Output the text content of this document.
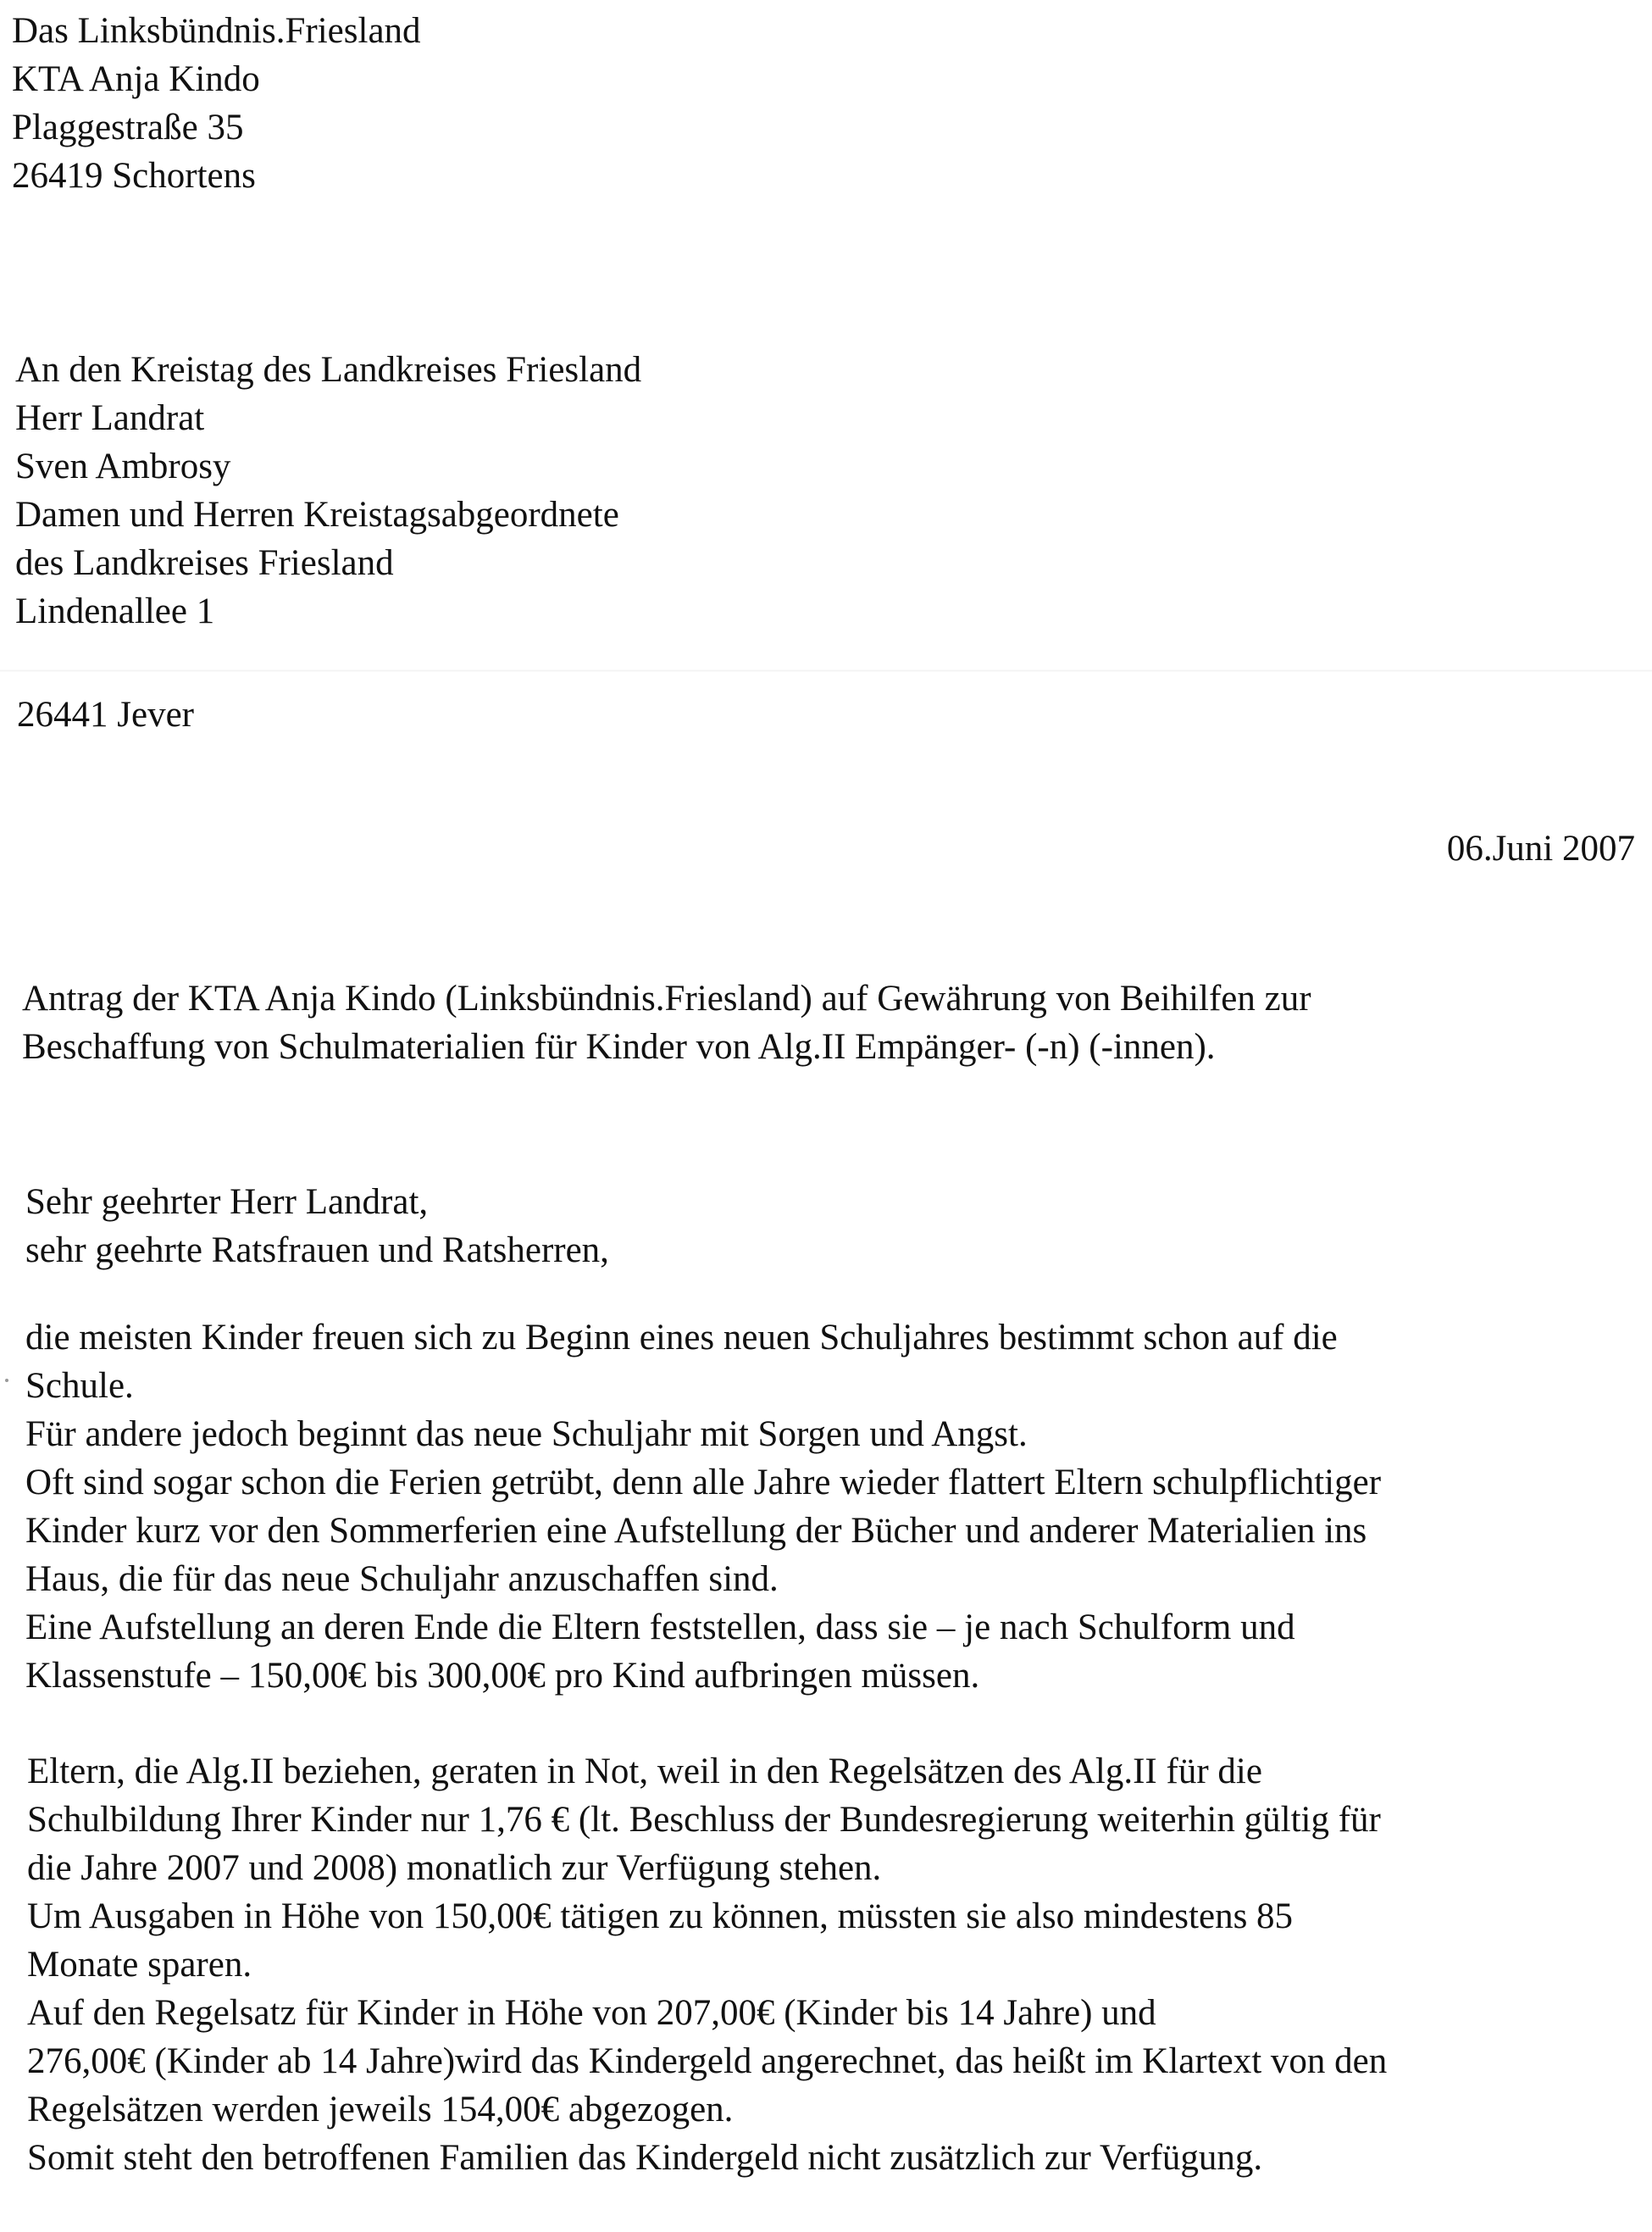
Das Linksbündnis.Friesland
KTA Anja Kindo
Plaggestraße 35
26419 Schortens
An den Kreistag des Landkreises Friesland
Herr Landrat
Sven Ambrosy
Damen und Herren Kreistagsabgeordnete
des Landkreises Friesland
Lindenallee 1
26441 Jever
06.Juni 2007
Antrag der KTA Anja Kindo (Linksbündnis.Friesland) auf Gewährung von Beihilfen zur
Beschaffung von Schulmaterialien für Kinder von Alg.II Empänger- (-n) (-innen).
Sehr geehrter Herr Landrat,
sehr geehrte Ratsfrauen und Ratsherren,
die meisten Kinder freuen sich zu Beginn eines neuen Schuljahres bestimmt schon auf die
Schule.
Für andere jedoch beginnt das neue Schuljahr mit Sorgen und Angst.
Oft sind sogar schon die Ferien getrübt, denn alle Jahre wieder flattert Eltern schulpflichtiger
Kinder kurz vor den Sommerferien eine Aufstellung der Bücher und anderer Materialien ins
Haus, die für das neue Schuljahr anzuschaffen sind.
Eine Aufstellung an deren Ende die Eltern feststellen, dass sie – je nach Schulform und
Klassenstufe – 150,00€ bis 300,00€ pro Kind aufbringen müssen.
Eltern, die Alg.II beziehen, geraten in Not, weil in den Regelsätzen des Alg.II für die
Schulbildung Ihrer Kinder nur 1,76 € (lt. Beschluss der Bundesregierung weiterhin gültig für
die Jahre 2007 und 2008) monatlich zur Verfügung stehen.
Um Ausgaben in Höhe von 150,00€ tätigen zu können, müssten sie also mindestens 85
Monate sparen.
Auf den Regelsatz für Kinder in Höhe von 207,00€ (Kinder bis 14 Jahre) und
276,00€ (Kinder ab 14 Jahre)wird das Kindergeld angerechnet, das heißt im Klartext von den
Regelsätzen werden jeweils 154,00€ abgezogen.
Somit steht den betroffenen Familien das Kindergeld nicht zusätzlich zur Verfügung.
